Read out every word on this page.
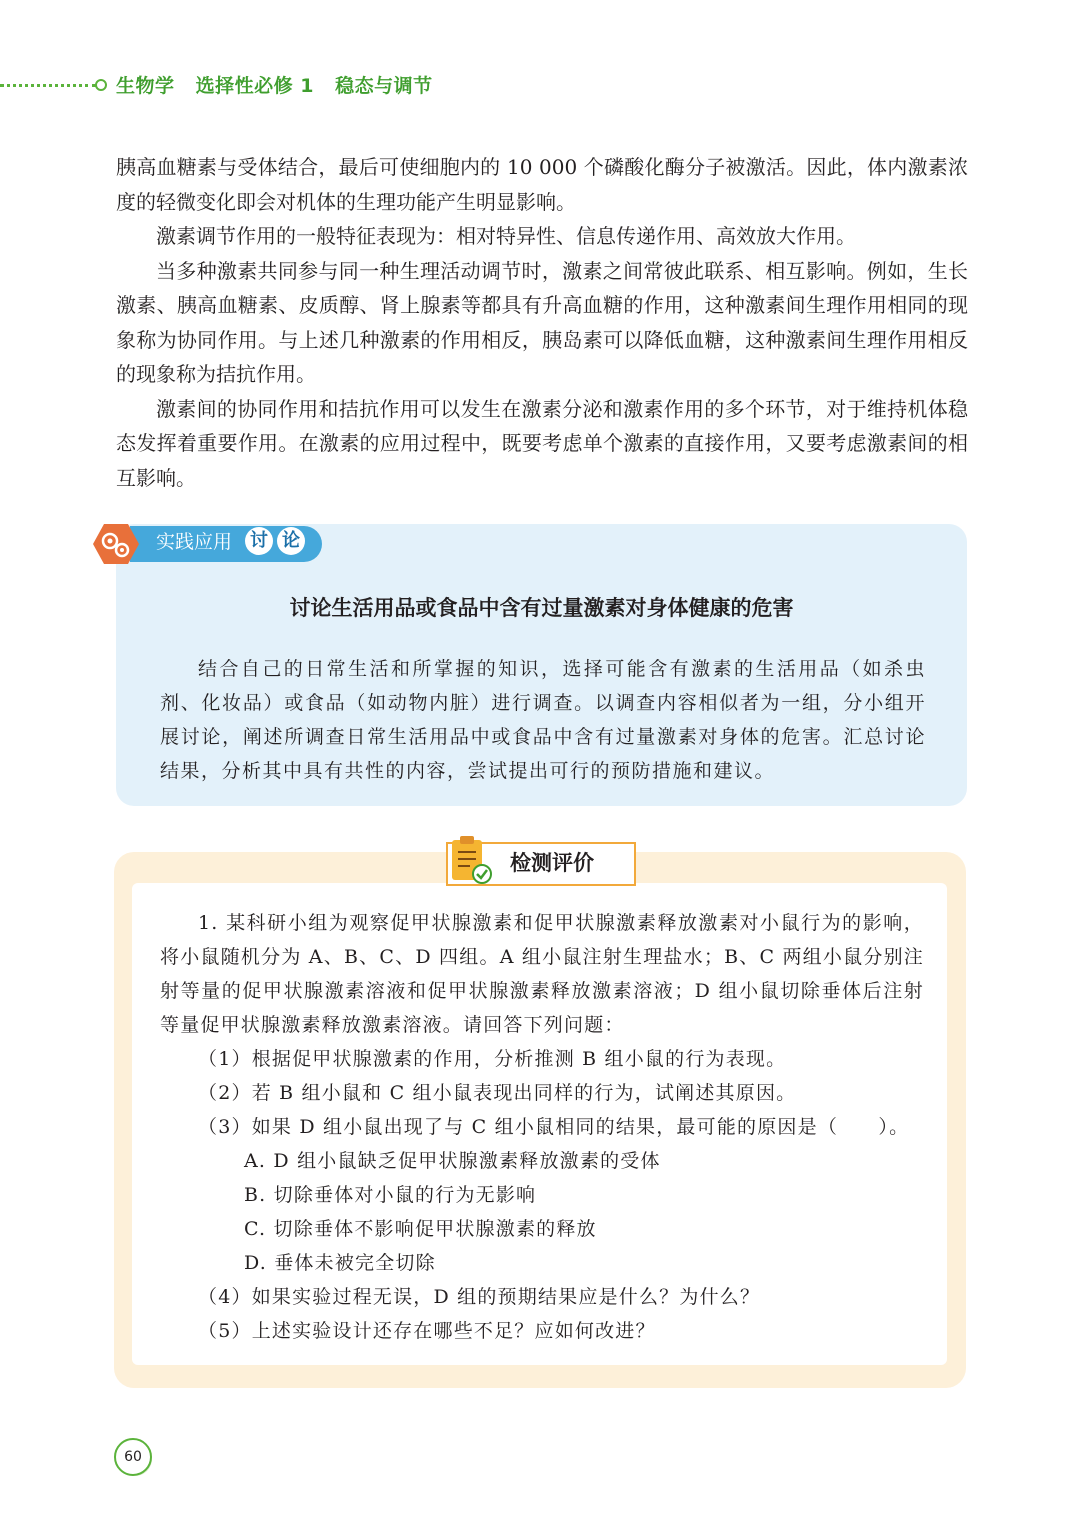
生物学 选择性必修 1 稳态与调节

胰高血糖素与受体结合，最后可使细胞内的 10 000 个磷酸化酶分子被激活。因此，体内激素浓度的轻微变化即会对机体的生理功能产生明显影响。

激素调节作用的一般特征表现为：相对特异性、信息传递作用、高效放大作用。

当多种激素共同参与同一种生理活动调节时，激素之间常彼此联系、相互影响。例如，生长激素、胰高血糖素、皮质醇、肾上腺素等都具有升高血糖的作用，这种激素间生理作用相同的现象称为协同作用。与上述几种激素的作用相反，胰岛素可以降低血糖，这种激素间生理作用相反的现象称为拮抗作用。

激素间的协同作用和拮抗作用可以发生在激素分泌和激素作用的多个环节，对于维持机体稳态发挥着重要作用。在激素的应用过程中，既要考虑单个激素的直接作用，又要考虑激素间的相互影响。

实践应用 讨 论
讨论生活用品或食品中含有过量激素对身体健康的危害

结合自己的日常生活和所掌握的知识，选择可能含有激素的生活用品（如杀虫剂、化妆品）或食品（如动物内脏）进行调查。以调查内容相似者为一组，分小组开展讨论，阐述所调查日常生活用品中或食品中含有过量激素对身体的危害。汇总讨论结果，分析其中具有共性的内容，尝试提出可行的预防措施和建议。

检测评价

1. 某科研小组为观察促甲状腺激素和促甲状腺激素释放激素对小鼠行为的影响，将小鼠随机分为 A、B、C、D 四组。A 组小鼠注射生理盐水；B、C 两组小鼠分别注射等量的促甲状腺激素溶液和促甲状腺激素释放激素溶液；D 组小鼠切除垂体后注射等量促甲状腺激素释放激素溶液。请回答下列问题：

（1）根据促甲状腺激素的作用，分析推测 B 组小鼠的行为表现。

（2）若 B 组小鼠和 C 组小鼠表现出同样的行为，试阐述其原因。

（3）如果 D 组小鼠出现了与 C 组小鼠相同的结果，最可能的原因是（　　）。

A. D 组小鼠缺乏促甲状腺激素释放激素的受体

B. 切除垂体对小鼠的行为无影响

C. 切除垂体不影响促甲状腺激素的释放

D. 垂体未被完全切除

（4）如果实验过程无误，D 组的预期结果应是什么？为什么？

（5）上述实验设计还存在哪些不足？应如何改进？

60
